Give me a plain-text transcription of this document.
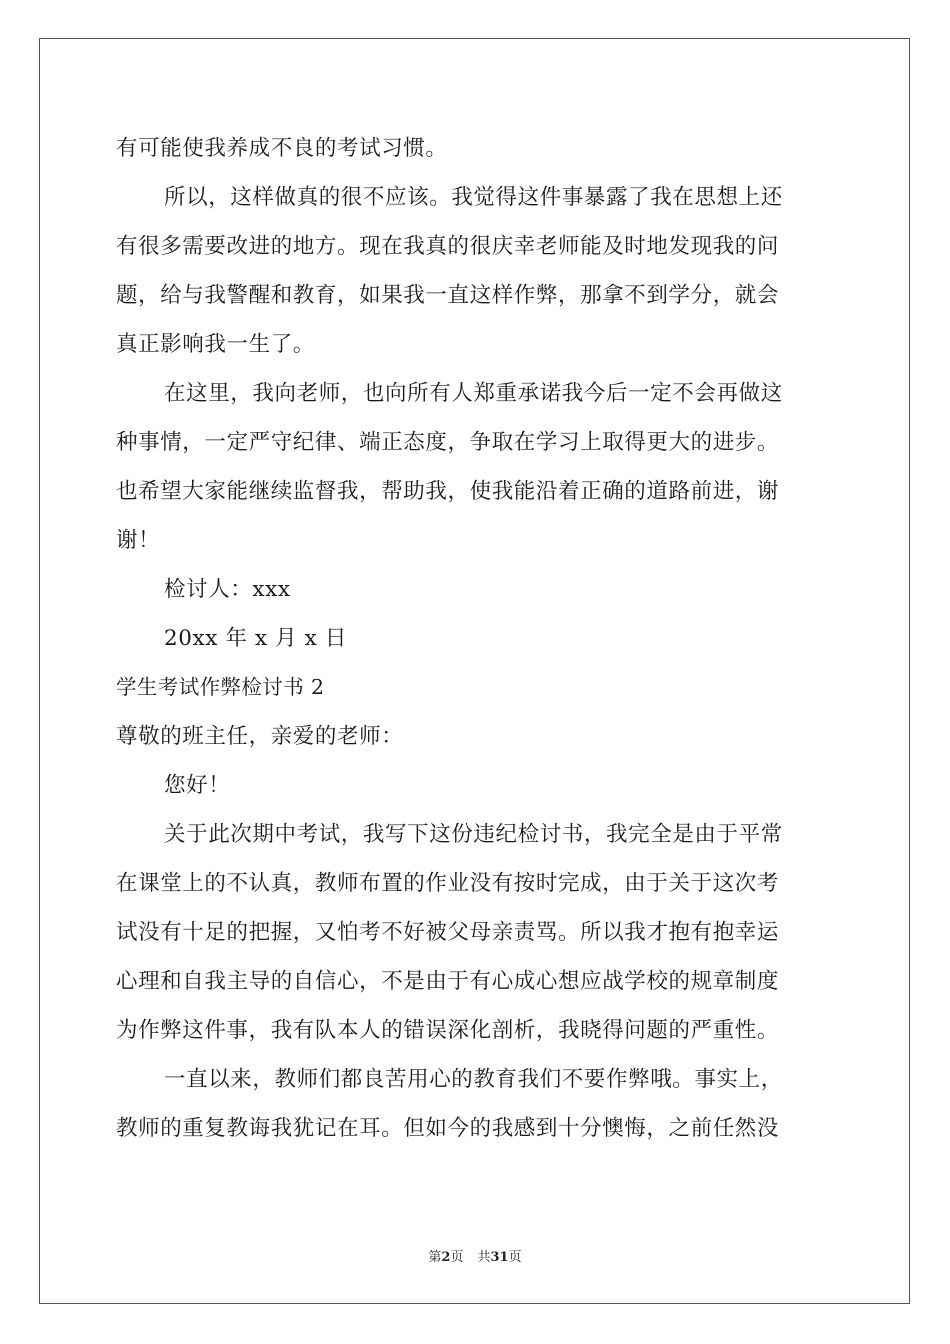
有可能使我养成不良的考试习惯。
所以，这样做真的很不应该。我觉得这件事暴露了我在思想上还
有很多需要改进的地方。现在我真的很庆幸老师能及时地发现我的问
题，给与我警醒和教育，如果我一直这样作弊，那拿不到学分，就会
真正影响我一生了。
在这里，我向老师，也向所有人郑重承诺我今后一定不会再做这
种事情，一定严守纪律、端正态度，争取在学习上取得更大的进步。
也希望大家能继续监督我，帮助我，使我能沿着正确的道路前进，谢
谢！
检讨人：xxx
20xx 年 x 月 x 日
学生考试作弊检讨书 2
尊敬的班主任，亲爱的老师：
您好！
关于此次期中考试，我写下这份违纪检讨书，我完全是由于平常
在课堂上的不认真，教师布置的作业没有按时完成，由于关于这次考
试没有十足的把握，又怕考不好被父母亲责骂。所以我才抱有抱幸运
心理和自我主导的自信心，不是由于有心成心想应战学校的规章制度
为作弊这件事，我有队本人的错误深化剖析，我晓得问题的严重性。
一直以来，教师们都良苦用心的教育我们不要作弊哦。事实上，
教师的重复教诲我犹记在耳。但如今的我感到十分懊悔，之前任然没
第2页 共31页
